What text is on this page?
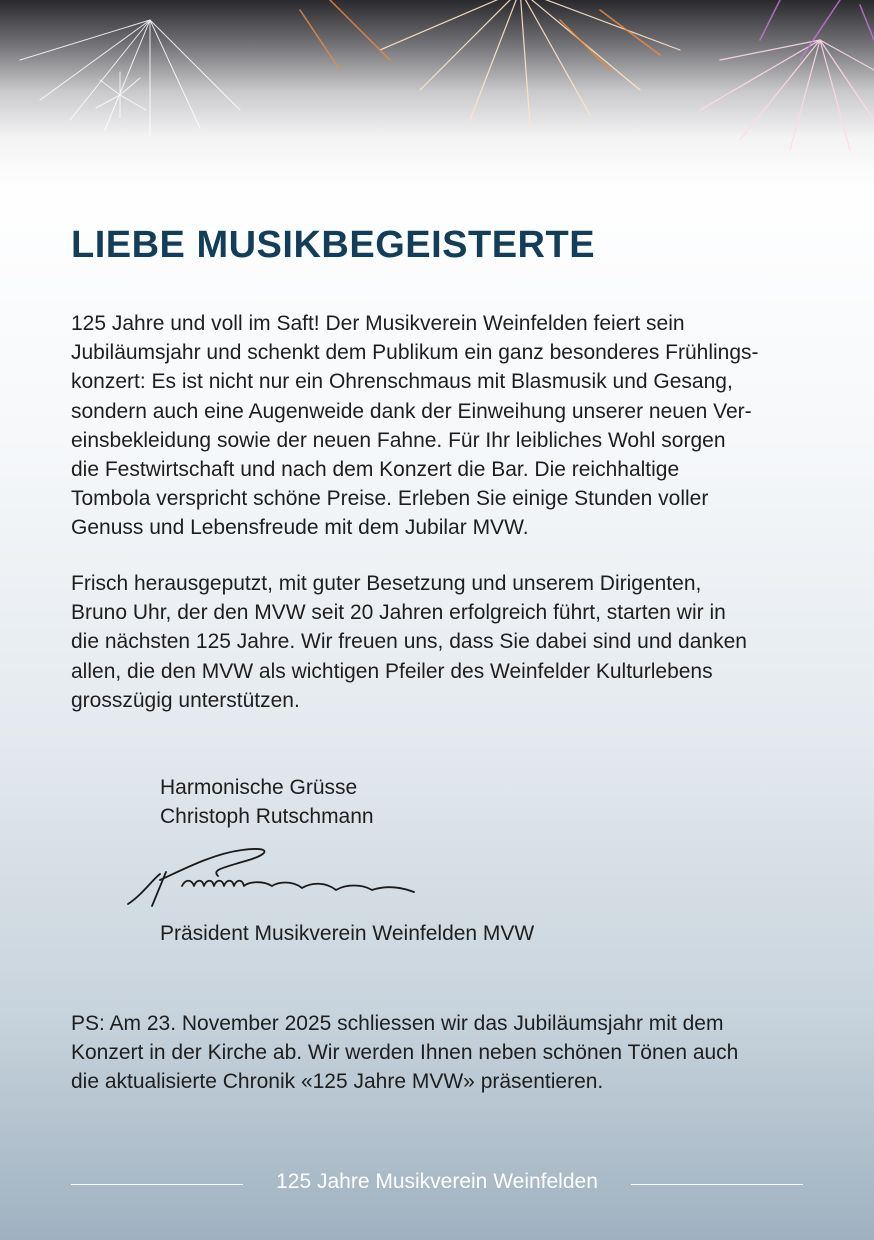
LIEBE MUSIKBEGEISTERTE

125 Jahre und voll im Saft! Der Musikverein Weinfelden feiert sein
Jubiläumsjahr und schenkt dem Publikum ein ganz besonderes Frühlings-
konzert: Es ist nicht nur ein Ohrenschmaus mit Blasmusik und Gesang,
sondern auch eine Augenweide dank der Einweihung unserer neuen Ver-
einsbekleidung sowie der neuen Fahne. Für Ihr leibliches Wohl sorgen
die Festwirtschaft und nach dem Konzert die Bar. Die reichhaltige
Tombola verspricht schöne Preise. Erleben Sie einige Stunden voller
Genuss und Lebensfreude mit dem Jubilar MVW.

Frisch herausgeputzt, mit guter Besetzung und unserem Dirigenten,
Bruno Uhr, der den MVW seit 20 Jahren erfolgreich führt, starten wir in
die nächsten 125 Jahre. Wir freuen uns, dass Sie dabei sind und danken
allen, die den MVW als wichtigen Pfeiler des Weinfelder Kulturlebens
grosszügig unterstützen.

Harmonische Grüsse
Christoph Rutschmann
Präsident Musikverein Weinfelden MVW

PS: Am 23. November 2025 schliessen wir das Jubiläumsjahr mit dem
Konzert in der Kirche ab. Wir werden Ihnen neben schönen Tönen auch
die aktualisierte Chronik «125 Jahre MVW» präsentieren.

125 Jahre Musikverein Weinfelden
